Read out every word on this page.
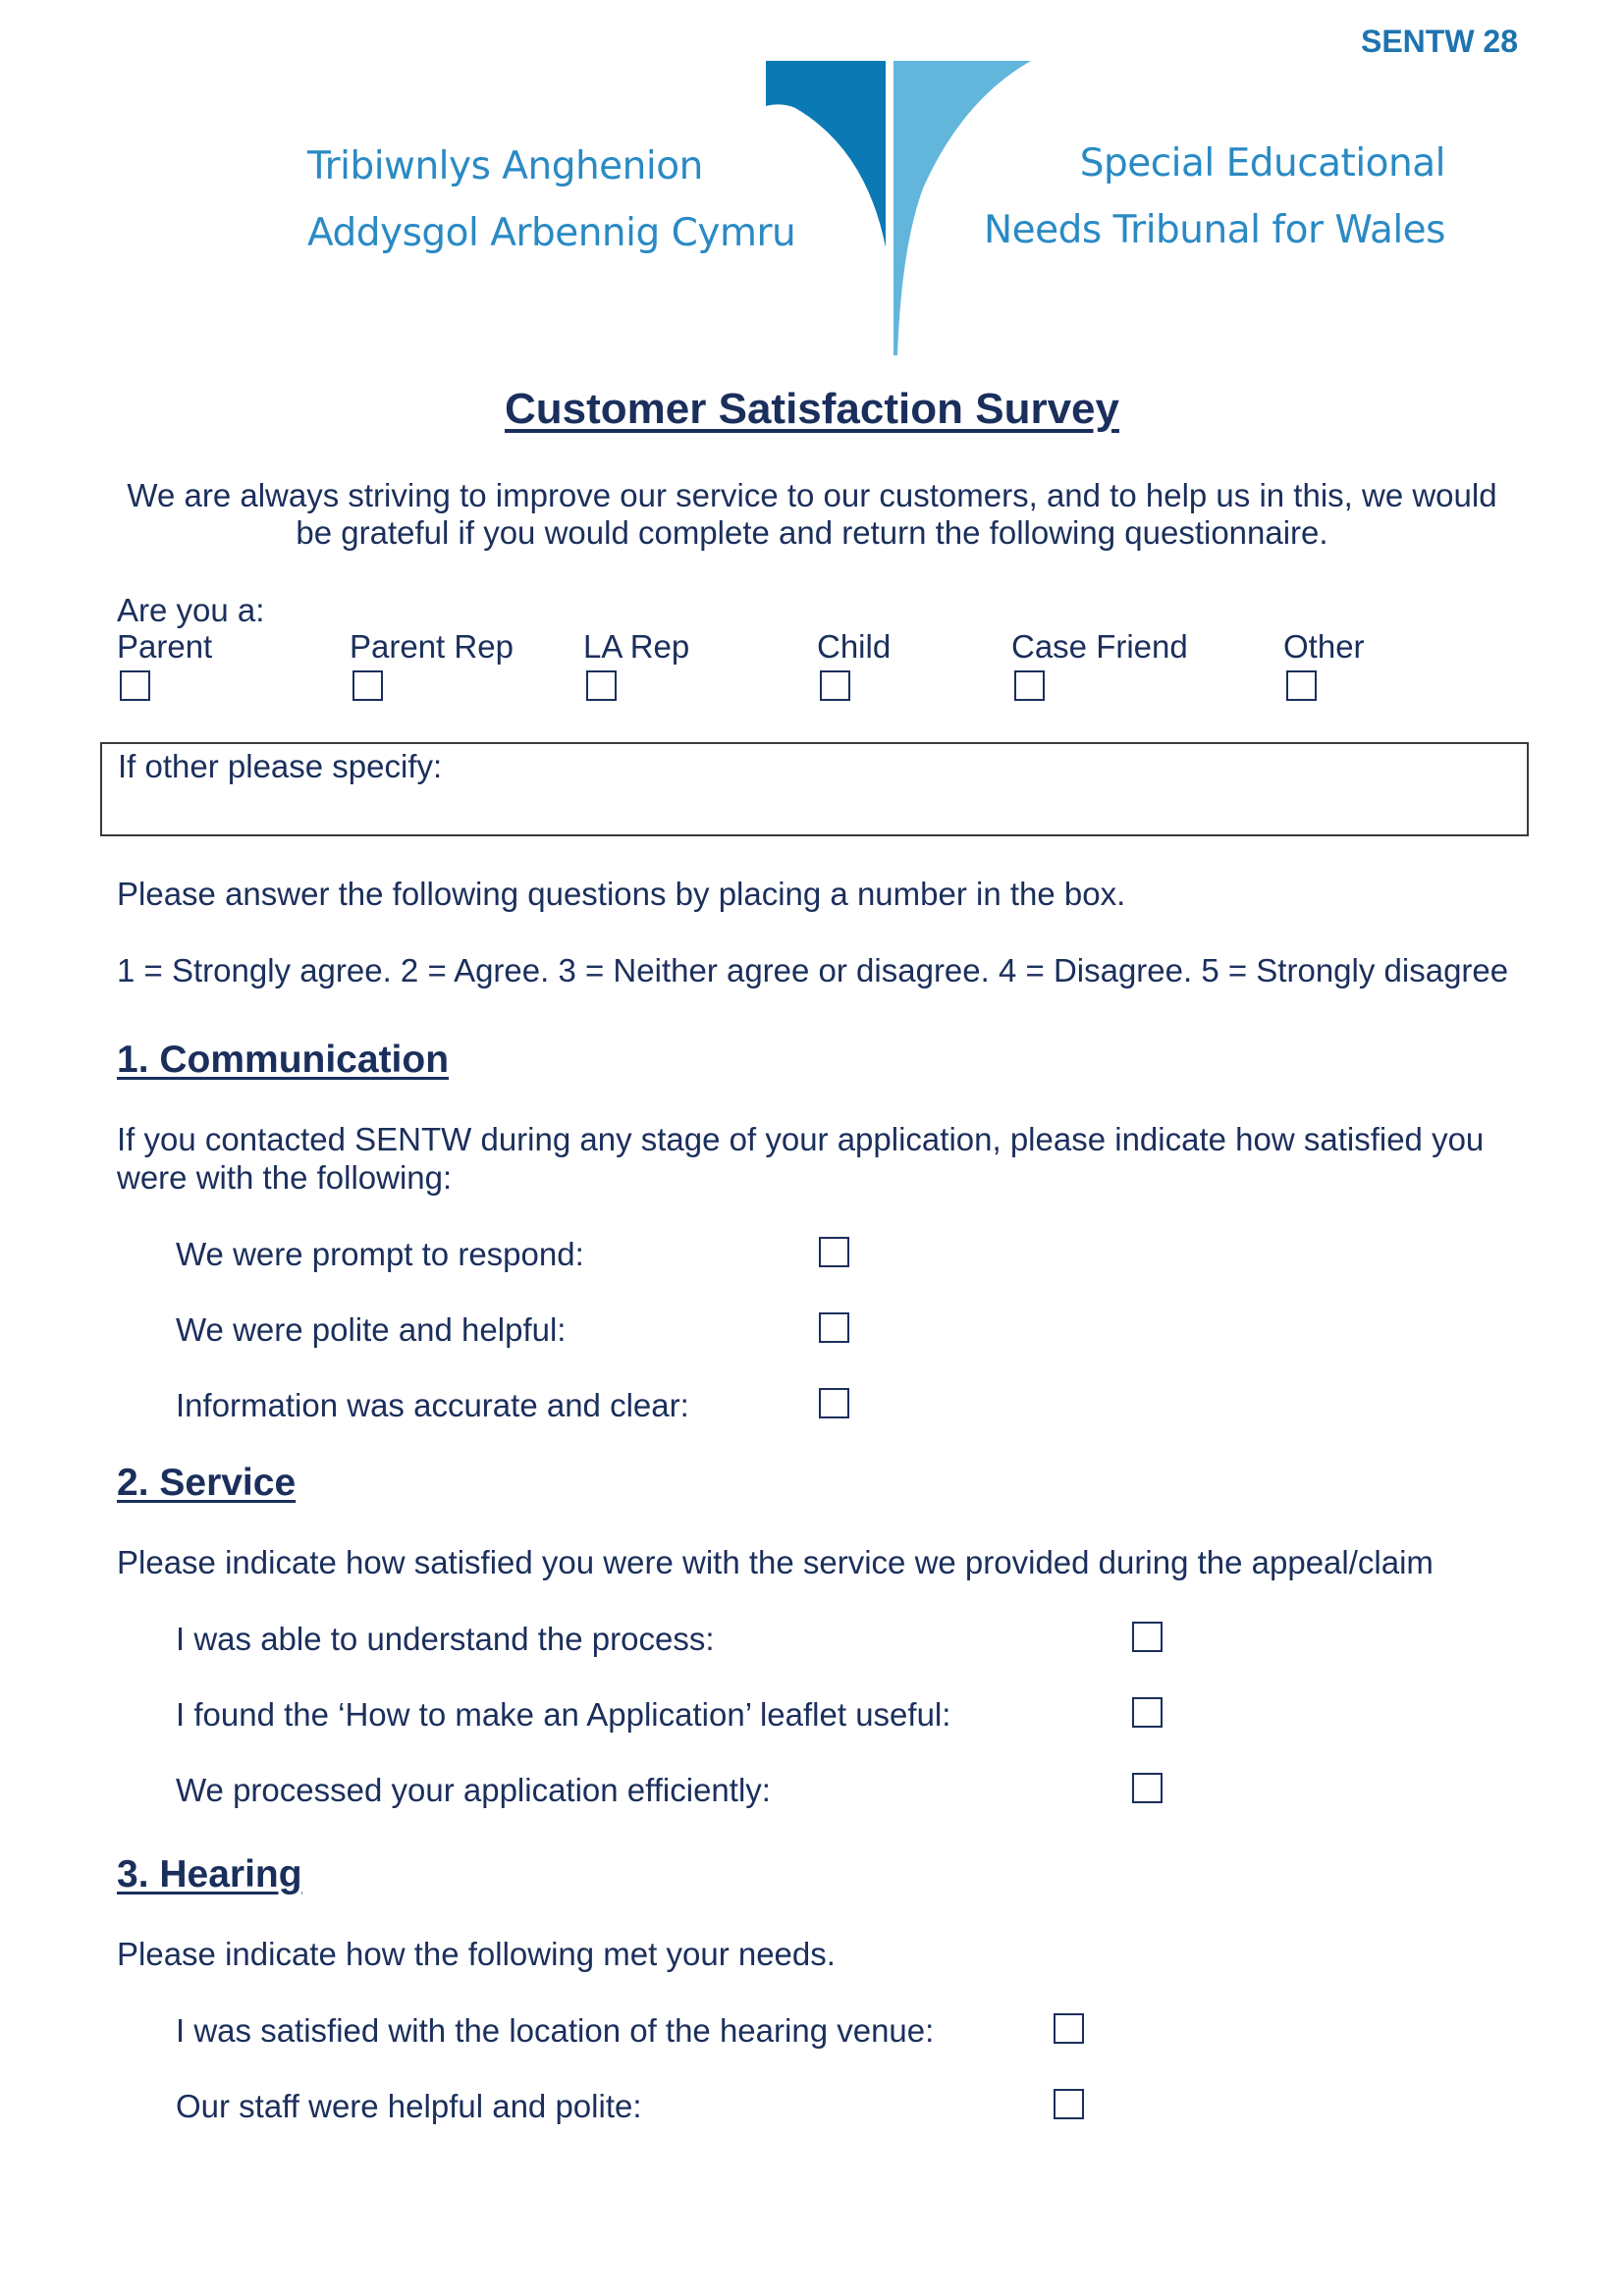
SENTW 28
Tribiwnlys Anghenion
Addysgol Arbennig Cymru
Special Educational
Needs Tribunal for Wales
Customer Satisfaction Survey
We are always striving to improve our service to our customers, and to help us in this, we would
be grateful if you would complete and return the following questionnaire.
Are you a:
Parent	Parent Rep LA Rep	Child	Case Friend	Other
If other please specify:
Please answer the following questions by placing a number in the box.
1 = Strongly agree. 2 = Agree. 3 = Neither agree or disagree. 4 = Disagree. 5 = Strongly disagree
1. Communication
If you contacted SENTW during any stage of your application, please indicate how satisfied you
were with the following:
We were prompt to respond:
We were polite and helpful:
Information was accurate and clear:
2. Service
Please indicate how satisfied you were with the service we provided during the appeal/claim
I was able to understand the process:
I found the ‘How to make an Application’ leaflet useful:
We processed your application efficiently:
3. Hearing
Please indicate how the following met your needs.
I was satisfied with the location of the hearing venue:
Our staff were helpful and polite:
